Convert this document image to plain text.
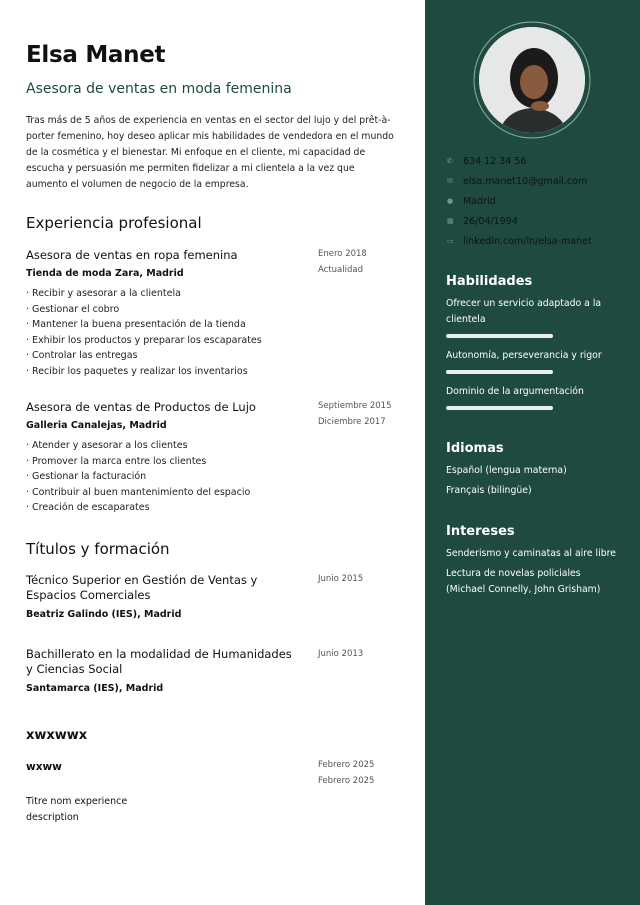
Elsa Manet
Asesora de ventas en moda femenina
Tras más de 5 años de experiencia en ventas en el sector del lujo y del prêt-à-porter femenino, hoy deseo aplicar mis habilidades de vendedora en el mundo de la cosmética y el bienestar. Mi enfoque en el cliente, mi capacidad de escucha y persuasión me permiten fidelizar a mi clientela a la vez que aumento el volumen de negocio de la empresa.
Experiencia profesional
Asesora de ventas en ropa femenina
Tienda de moda Zara, Madrid
Enero 2018
Actualidad
· Recibir y asesorar a la clientela
· Gestionar el cobro
· Mantener la buena presentación de la tienda
· Exhibir los productos y preparar los escaparates
· Controlar las entregas
· Recibir los paquetes y realizar los inventarios
Asesora de ventas de Productos de Lujo
Galleria Canalejas, Madrid
Septiembre 2015
Diciembre 2017
· Atender y asesorar a los clientes
· Promover la marca entre los clientes
· Gestionar la facturación
· Contribuir al buen mantenimiento del espacio
· Creación de escaparates
Títulos y formación
Técnico Superior en Gestión de Ventas y Espacios Comerciales
Beatriz Galindo (IES), Madrid
Junio 2015
Bachillerato en la modalidad de Humanidades y Ciencias Social
Santamarca (IES), Madrid
Junio 2013
xwxwwx
wxww	Febrero 2025
Febrero 2025
Titre nom experience
description
✆ 634 12 34 56
✉ elsa.manet10@gmail.com
● Madrid
▦ 26/04/1994
▭ linkedin.com/in/elsa-manet
Habilidades
Ofrecer un servicio adaptado a la clientela
Autonomía, perseverancia y rigor
Dominio de la argumentación
Idiomas
Español (lengua materna)
Français (bilingüe)
Intereses
Senderismo y caminatas al aire libre
Lectura de novelas policiales (Michael Connelly, John Grisham)
